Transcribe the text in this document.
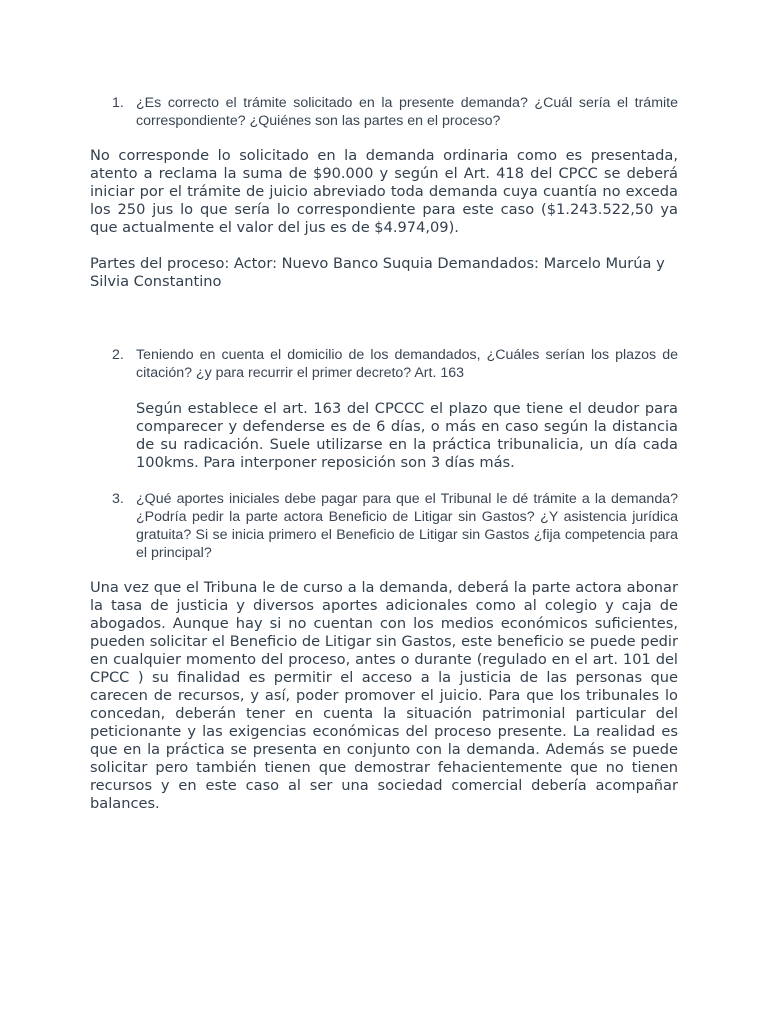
1. ¿Es correcto el trámite solicitado en la presente demanda? ¿Cuál sería el trámite correspondiente? ¿Quiénes son las partes en el proceso?

No corresponde lo solicitado en la demanda ordinaria como es presentada, atento a reclama la suma de $90.000 y según el Art. 418 del CPCC se deberá iniciar por el trámite de juicio abreviado toda demanda cuya cuantía no exceda los 250 jus lo que sería lo correspondiente para este caso ($1.243.522,50 ya que actualmente el valor del jus es de $4.974,09).

Partes del proceso: Actor: Nuevo Banco Suquia Demandados: Marcelo Murúa y Silvia Constantino

2. Teniendo en cuenta el domicilio de los demandados, ¿Cuáles serían los plazos de citación? ¿y para recurrir el primer decreto? Art. 163

Según establece el art. 163 del CPCCC el plazo que tiene el deudor para comparecer y defenderse es de 6 días, o más en caso según la distancia de su radicación. Suele utilizarse en la práctica tribunalicia, un día cada 100kms. Para interponer reposición son 3 días más.

3. ¿Qué aportes iniciales debe pagar para que el Tribunal le dé trámite a la demanda? ¿Podría pedir la parte actora Beneficio de Litigar sin Gastos? ¿Y asistencia jurídica gratuita? Si se inicia primero el Beneficio de Litigar sin Gastos ¿fija competencia para el principal?

Una vez que el Tribuna le de curso a la demanda, deberá la parte actora abonar la tasa de justicia y diversos aportes adicionales como al colegio y caja de abogados. Aunque hay si no cuentan con los medios económicos suficientes, pueden solicitar el Beneficio de Litigar sin Gastos, este beneficio se puede pedir en cualquier momento del proceso, antes o durante (regulado en el art. 101 del CPCC ) su finalidad es permitir el acceso a la justicia de las personas que carecen de recursos, y así, poder promover el juicio. Para que los tribunales lo concedan, deberán tener en cuenta la situación patrimonial particular del peticionante y las exigencias económicas del proceso presente. La realidad es que en la práctica se presenta en conjunto con la demanda. Además se puede solicitar pero también tienen que demostrar fehacientemente que no tienen recursos y en este caso al ser una sociedad comercial debería acompañar balances.
